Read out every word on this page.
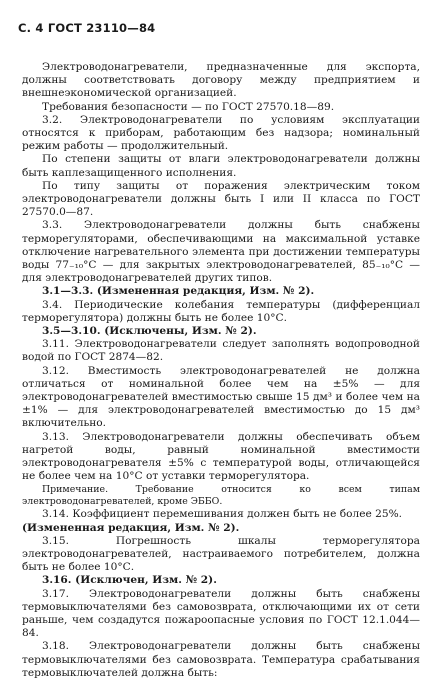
С. 4 ГОСТ 23110—84

Электроводонагреватели, предназначенные для экспорта, должны соответствовать договору между предприятием и внешнеэкономической организацией.

Требования безопасности — по ГОСТ 27570.18—89.

3.2. Электроводонагреватели по условиям эксплуатации относятся к приборам, работающим без надзора; номинальный режим работы — продолжительный.

По степени защиты от влаги электроводонагреватели должны быть каплезащищенного исполнения.

По типу защиты от поражения электрическим током электроводонагреватели должны быть I или II класса по ГОСТ 27570.0—87.

3.3. Электроводонагреватели должны быть снабжены терморегуляторами, обеспечивающими на максимальной уставке отключение нагревательного элемента при достижении температуры воды 77₋₁₀°С — для закрытых электроводонагревателей, 85₋₁₀°С — для электроводонагревателей других типов.

3.1—3.3. (Измененная редакция, Изм. № 2).

3.4. Периодические колебания температуры (дифференциал терморегулятора) должны быть не более 10°С.

3.5—3.10. (Исключены, Изм. № 2).

3.11. Электроводонагреватели следует заполнять водопроводной водой по ГОСТ 2874—82.

3.12. Вместимость электроводонагревателей не должна отличаться от номинальной более чем на ±5% — для электроводонагревателей вместимостью свыше 15 дм³ и более чем на ±1% — для электроводонагревателей вместимостью до 15 дм³ включительно.

3.13. Электроводонагреватели должны обеспечивать объем нагретой воды, равный номинальной вместимости электроводонагревателя ±5% с температурой воды, отличающейся не более чем на 10°С от уставки терморегулятора.

Примечание. Требование относится ко всем типам электроводонагревателей, кроме ЭББО.

3.14. Коэффициент перемешивания должен быть не более 25%.

(Измененная редакция, Изм. № 2).

3.15. Погрешность шкалы терморегулятора электроводонагревателей, настраиваемого потребителем, должна быть не более 10°С.

3.16. (Исключен, Изм. № 2).

3.17. Электроводонагреватели должны быть снабжены термовыключателями без самовозврата, отключающими их от сети раньше, чем создадутся пожароопасные условия по ГОСТ 12.1.044—84.

3.18. Электроводонагреватели должны быть снабжены термовыключателями без самовозврата. Температура срабатывания термовыключателей должна быть:
